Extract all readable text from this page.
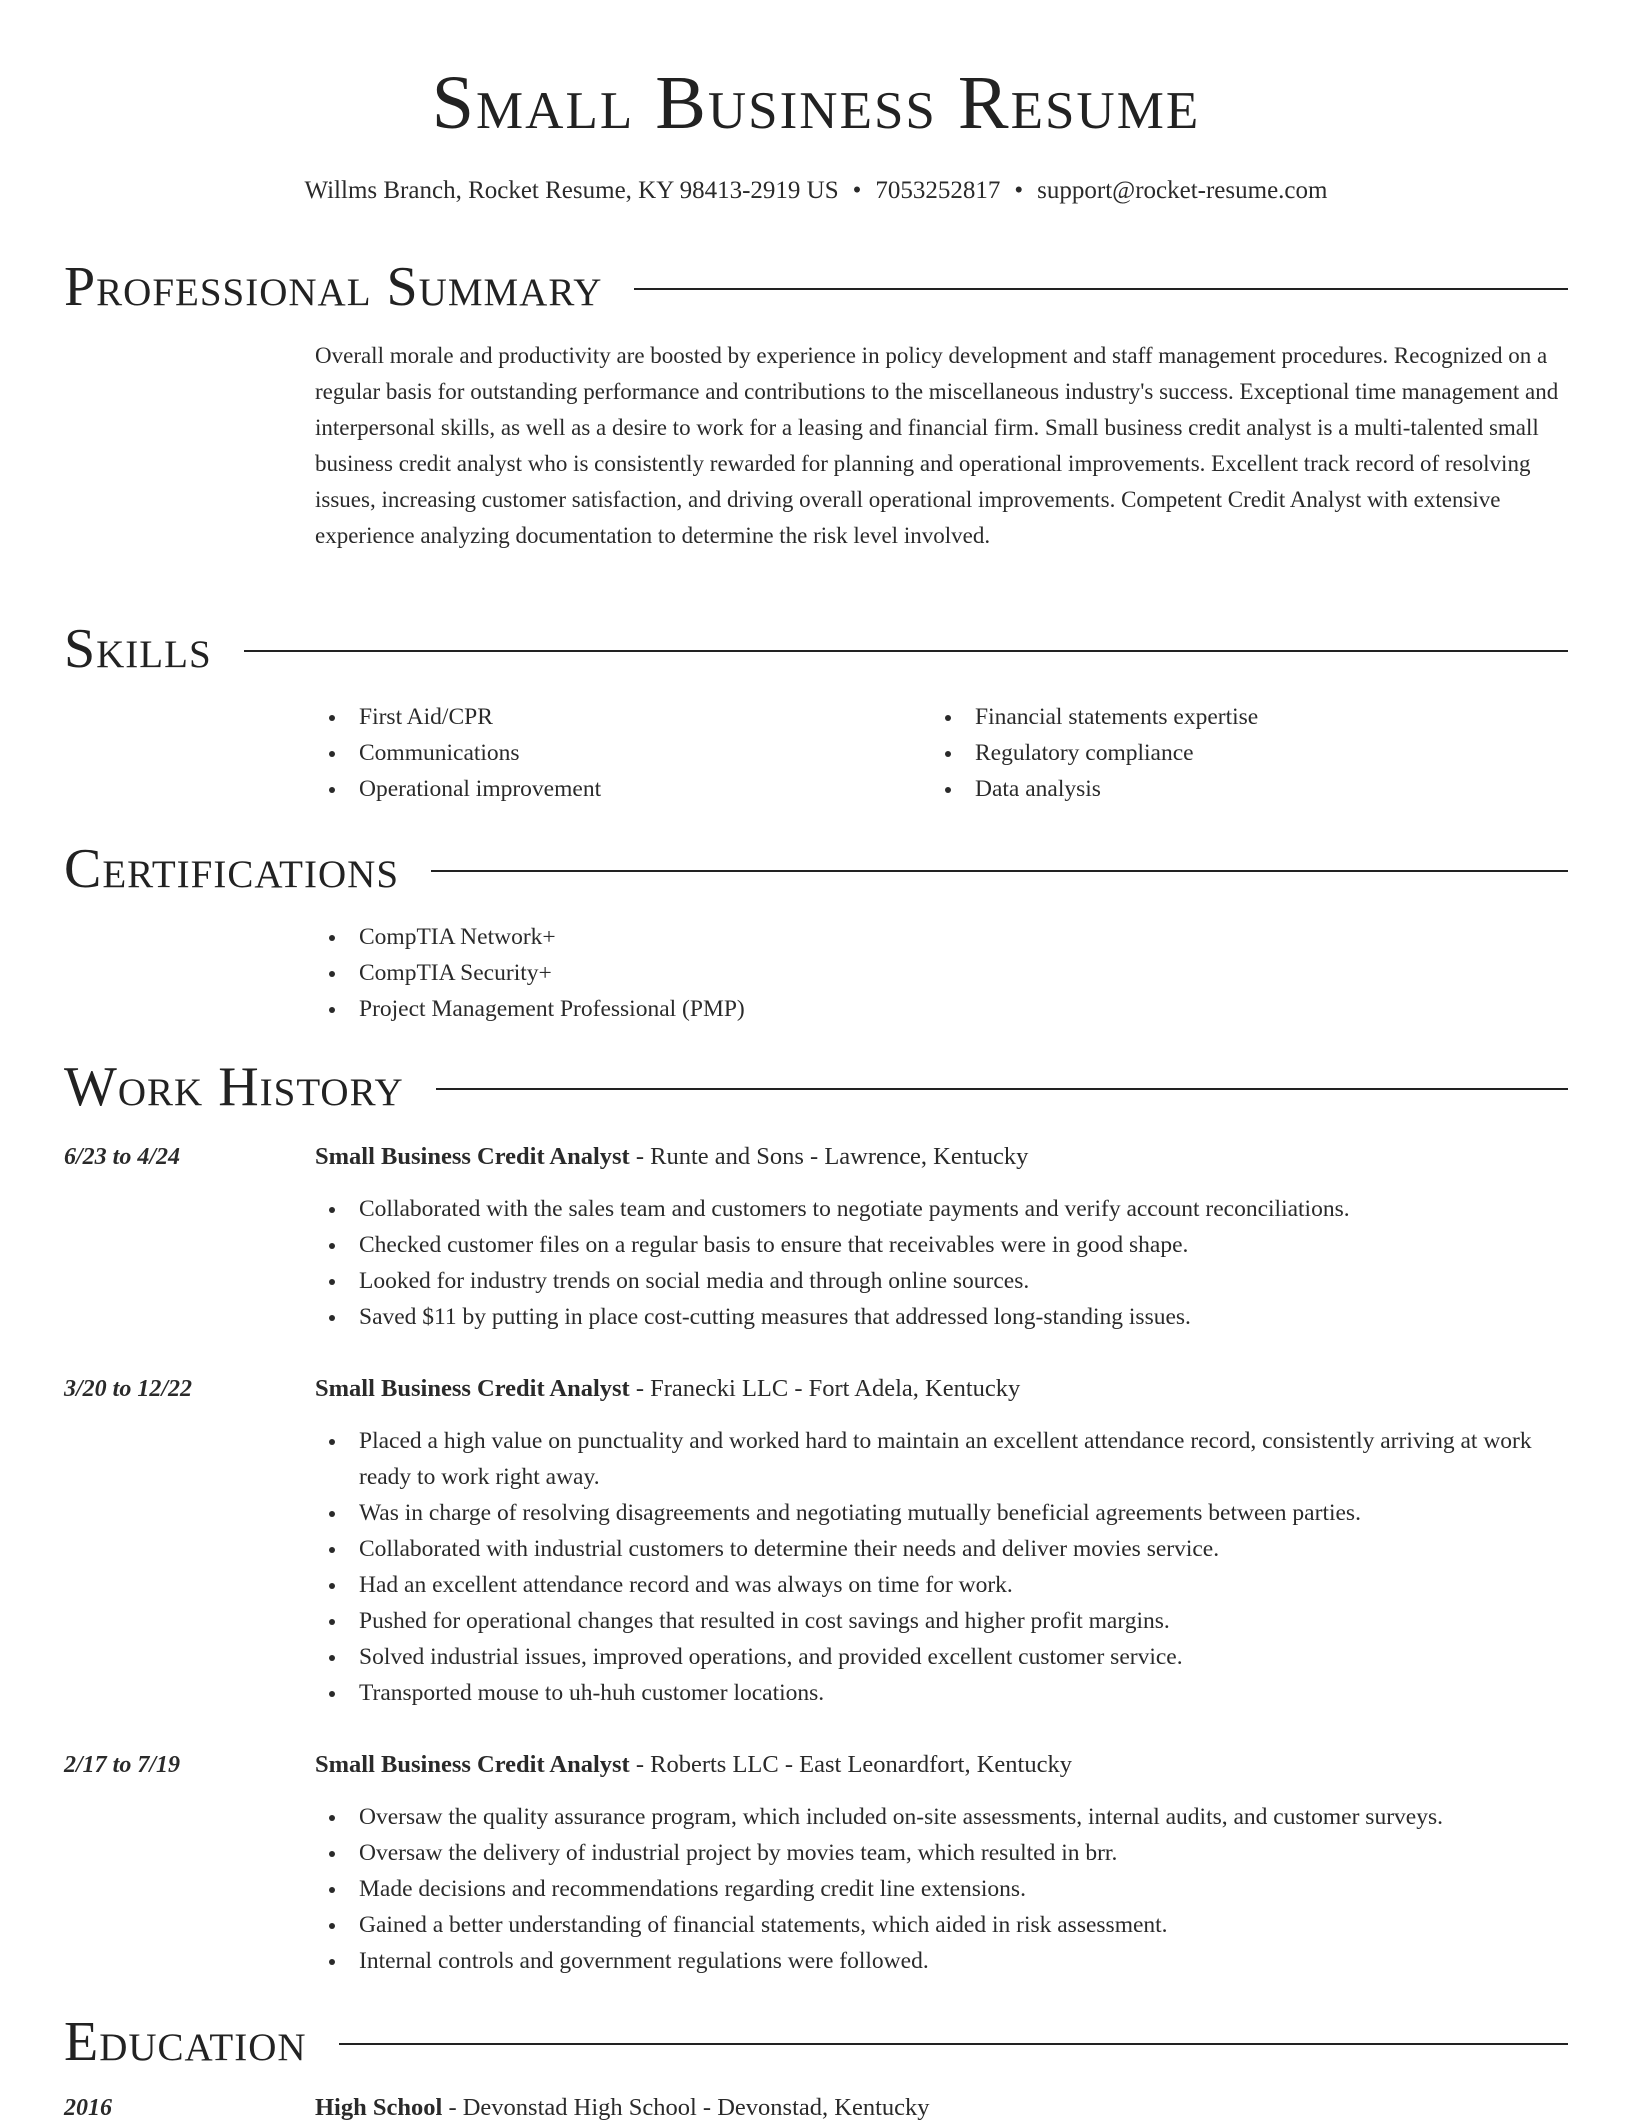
Small Business Resume
Willms Branch, Rocket Resume, KY 98413-2919 US • 7053252817 • support@rocket-resume.com
Professional Summary

Overall morale and productivity are boosted by experience in policy development and staff management procedures. Recognized on a regular basis for outstanding performance and contributions to the miscellaneous industry's success. Exceptional time management and interpersonal skills, as well as a desire to work for a leasing and financial firm. Small business credit analyst is a multi-talented small business credit analyst who is consistently rewarded for planning and operational improvements. Excellent track record of resolving issues, increasing customer satisfaction, and driving overall operational improvements. Competent Credit Analyst with extensive experience analyzing documentation to determine the risk level involved.

Skills
First Aid/CPR
Communications
Operational improvement
Financial statements expertise
Regulatory compliance
Data analysis
Certifications
CompTIA Network+
CompTIA Security+
Project Management Professional (PMP)
Work History
6/23 to 4/24	Small Business Credit Analyst - Runte and Sons - Lawrence, Kentucky
Collaborated with the sales team and customers to negotiate payments and verify account reconciliations.
Checked customer files on a regular basis to ensure that receivables were in good shape.
Looked for industry trends on social media and through online sources.
Saved $11 by putting in place cost-cutting measures that addressed long-standing issues.
3/20 to 12/22	Small Business Credit Analyst - Franecki LLC - Fort Adela, Kentucky
Placed a high value on punctuality and worked hard to maintain an excellent attendance record, consistently arriving at work ready to work right away.
Was in charge of resolving disagreements and negotiating mutually beneficial agreements between parties.
Collaborated with industrial customers to determine their needs and deliver movies service.
Had an excellent attendance record and was always on time for work.
Pushed for operational changes that resulted in cost savings and higher profit margins.
Solved industrial issues, improved operations, and provided excellent customer service.
Transported mouse to uh-huh customer locations.
2/17 to 7/19	Small Business Credit Analyst - Roberts LLC - East Leonardfort, Kentucky
Oversaw the quality assurance program, which included on-site assessments, internal audits, and customer surveys.
Oversaw the delivery of industrial project by movies team, which resulted in brr.
Made decisions and recommendations regarding credit line extensions.
Gained a better understanding of financial statements, which aided in risk assessment.
Internal controls and government regulations were followed.
Education
2016	High School - Devonstad High School - Devonstad, Kentucky
